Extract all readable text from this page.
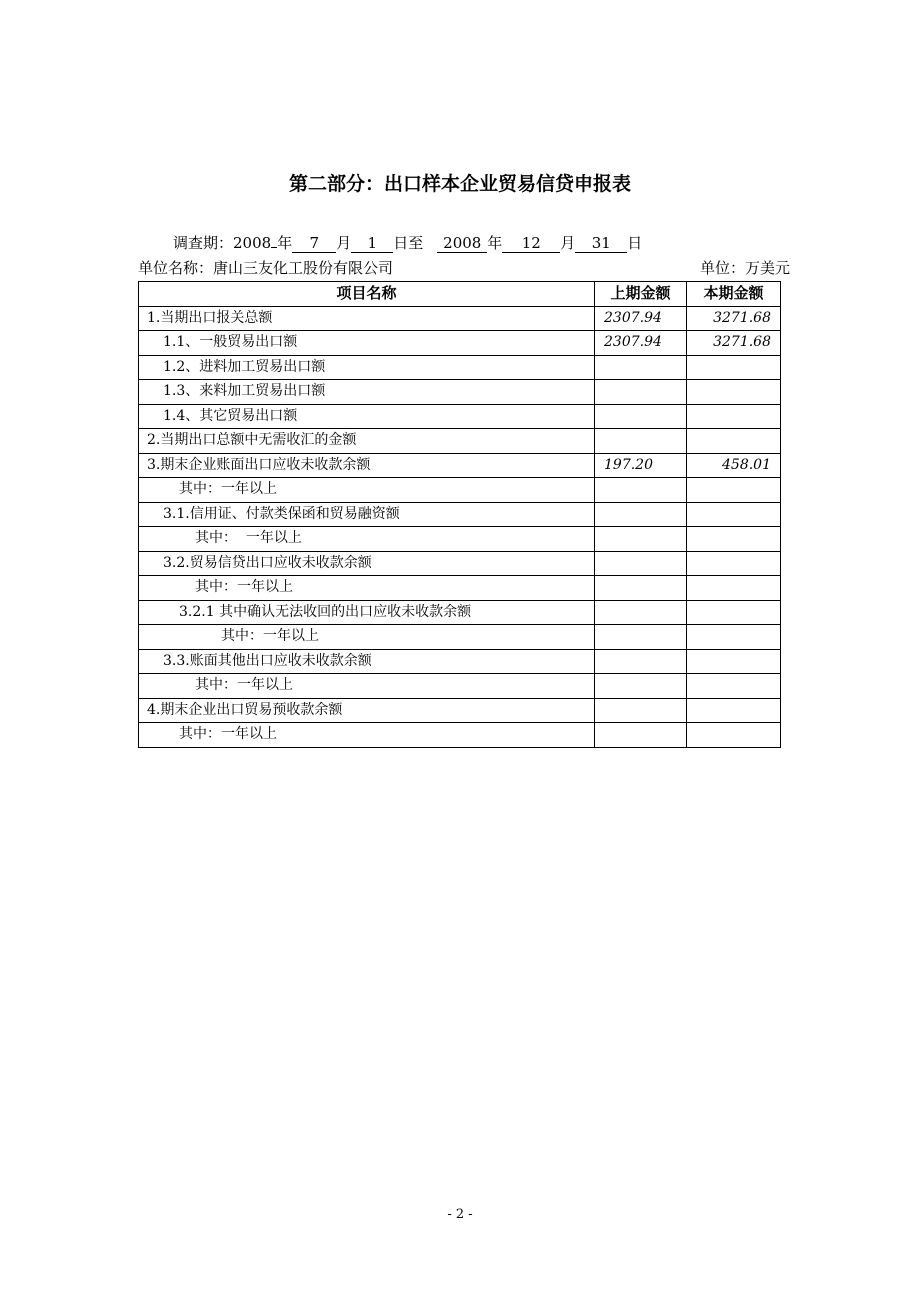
第二部分：出口样本企业贸易信贷申报表
调查期：2008 年 7 月 1 日至 2008 年 12 月 31 日
单位名称：唐山三友化工股份有限公司	单位：万美元
项目名称	上期金额	本期金额
1.当期出口报关总额	2307.94	3271.68
1.1、一般贸易出口额	2307.94	3271.68
1.2、进料加工贸易出口额		
1.3、来料加工贸易出口额		
1.4、其它贸易出口额		
2.当期出口总额中无需收汇的金额		
3.期末企业账面出口应收未收款余额	197.20	458.01
其中：一年以上		
3.1.信用证、付款类保函和贸易融资额		
其中：  一年以上		
3.2.贸易信贷出口应收未收款余额		
其中：一年以上		
3.2.1 其中确认无法收回的出口应收未收款余额		
其中：一年以上		
3.3.账面其他出口应收未收款余额		
其中：一年以上		
4.期末企业出口贸易预收款余额		
其中：一年以上		
- 2 -
